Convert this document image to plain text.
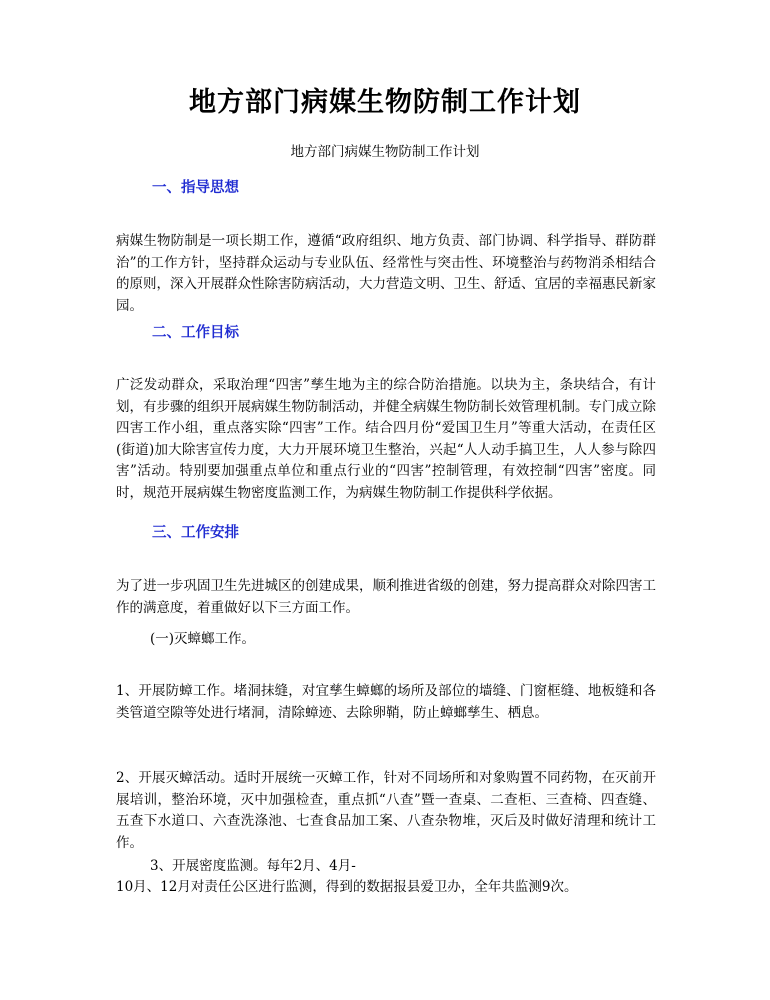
地方部门病媒生物防制工作计划

地方部门病媒生物防制工作计划

一、指导思想

病媒生物防制是一项长期工作，遵循“政府组织、地方负责、部门协调、科学指导、群防群治”的工作方针，坚持群众运动与专业队伍、经常性与突击性、环境整治与药物消杀相结合的原则，深入开展群众性除害防病活动，大力营造文明、卫生、舒适、宜居的幸福惠民新家园。

二、工作目标

广泛发动群众，采取治理“四害”孳生地为主的综合防治措施。以块为主，条块结合，有计划，有步骤的组织开展病媒生物防制活动，并健全病媒生物防制长效管理机制。专门成立除四害工作小组，重点落实除“四害”工作。结合四月份“爱国卫生月”等重大活动，在责任区(街道)加大除害宣传力度，大力开展环境卫生整治，兴起“人人动手搞卫生，人人参与除四害”活动。特别要加强重点单位和重点行业的“四害”控制管理，有效控制“四害”密度。同时，规范开展病媒生物密度监测工作，为病媒生物防制工作提供科学依据。

三、工作安排

为了进一步巩固卫生先进城区的创建成果，顺利推进省级的创建，努力提高群众对除四害工作的满意度，着重做好以下三方面工作。

(一)灭蟑螂工作。

1、开展防蟑工作。堵洞抹缝，对宜孳生蟑螂的场所及部位的墙缝、门窗框缝、地板缝和各类管道空隙等处进行堵洞，清除蟑迹、去除卵鞘，防止蟑螂孳生、栖息。

2、开展灭蟑活动。适时开展统一灭蟑工作，针对不同场所和对象购置不同药物，在灭前开展培训，整治环境，灭中加强检查，重点抓“八查”暨一查桌、二查柜、三查椅、四查缝、五查下水道口、六查洗涤池、七查食品加工案、八查杂物堆，灭后及时做好清理和统计工作。

3、开展密度监测。每年2月、4月-

10月、12月对责任公区进行监测，得到的数据报县爱卫办，全年共监测9次。
